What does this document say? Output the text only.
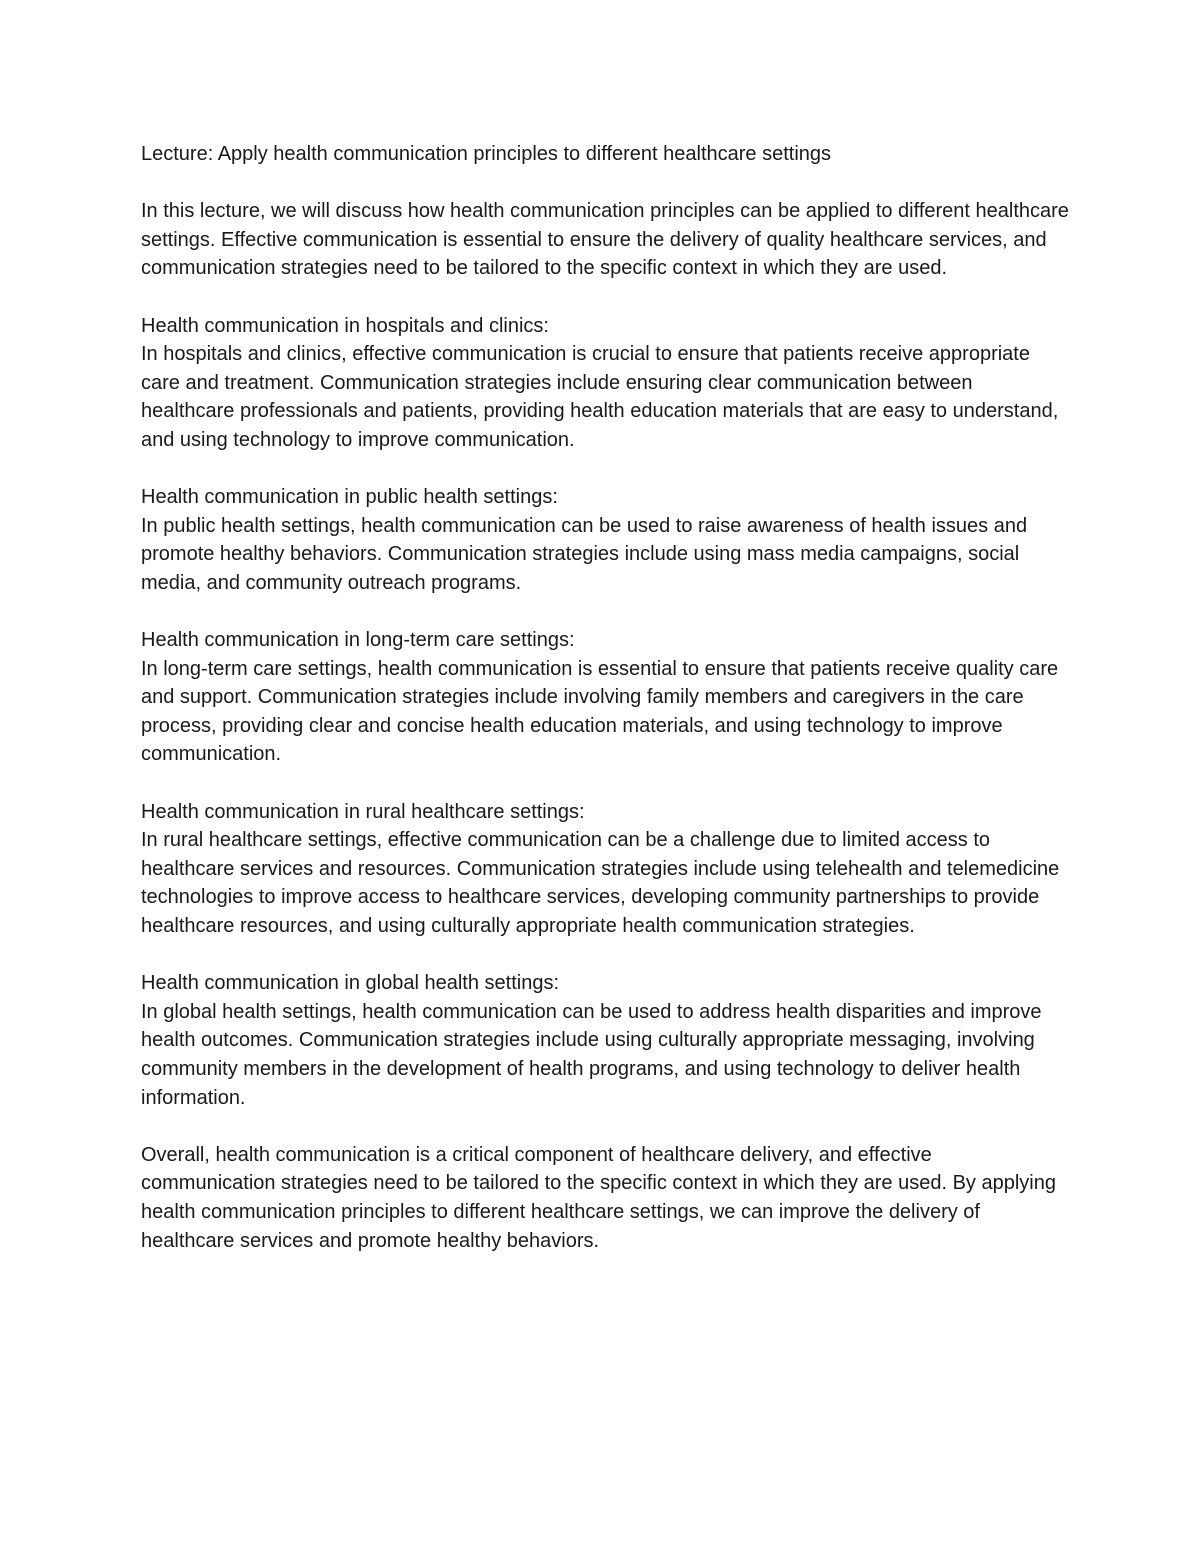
Lecture: Apply health communication principles to different healthcare settings

In this lecture, we will discuss how health communication principles can be applied to different healthcare settings. Effective communication is essential to ensure the delivery of quality healthcare services, and communication strategies need to be tailored to the specific context in which they are used.

Health communication in hospitals and clinics:

In hospitals and clinics, effective communication is crucial to ensure that patients receive appropriate care and treatment. Communication strategies include ensuring clear communication between healthcare professionals and patients, providing health education materials that are easy to understand, and using technology to improve communication.

Health communication in public health settings:

In public health settings, health communication can be used to raise awareness of health issues and promote healthy behaviors. Communication strategies include using mass media campaigns, social media, and community outreach programs.

Health communication in long-term care settings:

In long-term care settings, health communication is essential to ensure that patients receive quality care and support. Communication strategies include involving family members and caregivers in the care process, providing clear and concise health education materials, and using technology to improve communication.

Health communication in rural healthcare settings:

In rural healthcare settings, effective communication can be a challenge due to limited access to healthcare services and resources. Communication strategies include using telehealth and telemedicine technologies to improve access to healthcare services, developing community partnerships to provide healthcare resources, and using culturally appropriate health communication strategies.

Health communication in global health settings:

In global health settings, health communication can be used to address health disparities and improve health outcomes. Communication strategies include using culturally appropriate messaging, involving community members in the development of health programs, and using technology to deliver health information.

Overall, health communication is a critical component of healthcare delivery, and effective communication strategies need to be tailored to the specific context in which they are used. By applying health communication principles to different healthcare settings, we can improve the delivery of healthcare services and promote healthy behaviors.
